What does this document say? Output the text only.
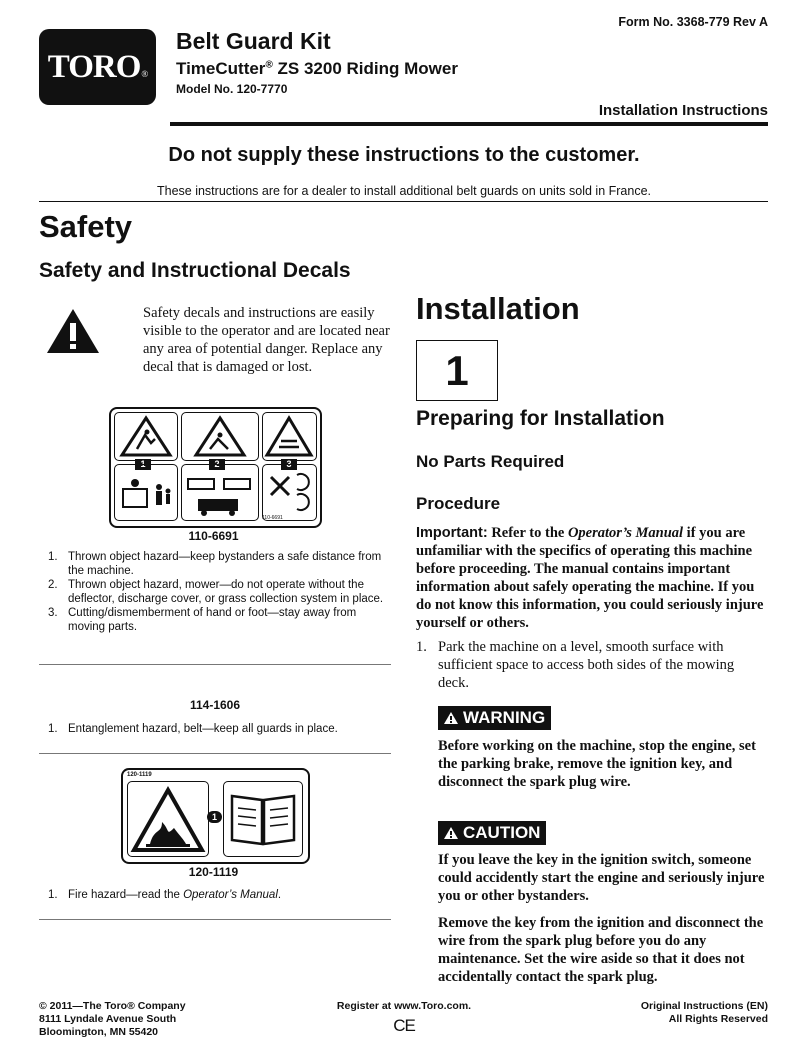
$TORO_®$
Belt Guard Kit
TimeCutter® ZS 3200 Riding Mower
Model No. 120-7770
Form No. 3368-779 Rev A
Installation Instructions
Do not supply these instructions to the customer.
These instructions are for a dealer to install additional belt guards on units sold in France.
Safety
Safety and Instructional Decals
Safety decals and instructions are easily visible to the operator and are located near any area of potential danger. Replace any decal that is damaged or lost.
1	2	3
110-6691
110-6691
1. Thrown object hazard—keep bystanders a safe distance from the machine.
2. Thrown object hazard, mower—do not operate without the deflector, discharge cover, or grass collection system in place.
3. Cutting/dismemberment of hand or foot—stay away from moving parts.
114-1606
1. Entanglement hazard, belt—keep all guards in place.
120-1119
1
120-1119
1. Fire hazard—read the Operator’s Manual.
Installation
1
Preparing for Installation
No Parts Required
Procedure
Important: Refer to the Operator’s Manual if you are unfamiliar with the specifics of operating this machine before proceeding. The manual contains important information about safely operating the machine. If you do not know this information, you could seriously injure yourself or others.
1. Park the machine on a level, smooth surface with sufficient space to access both sides of the mowing deck.
WARNING
Before working on the machine, stop the engine, set the parking brake, remove the ignition key, and disconnect the spark plug wire.
CAUTION
If you leave the key in the ignition switch, someone could accidently start the engine and seriously injure you or other bystanders.
Remove the key from the ignition and disconnect the wire from the spark plug before you do any maintenance. Set the wire aside so that it does not accidentally contact the spark plug.
© 2011—The Toro® Company
8111 Lyndale Avenue South
Bloomington, MN 55420
Register at www.Toro.com.
CE
Original Instructions (EN)
All Rights Reserved
